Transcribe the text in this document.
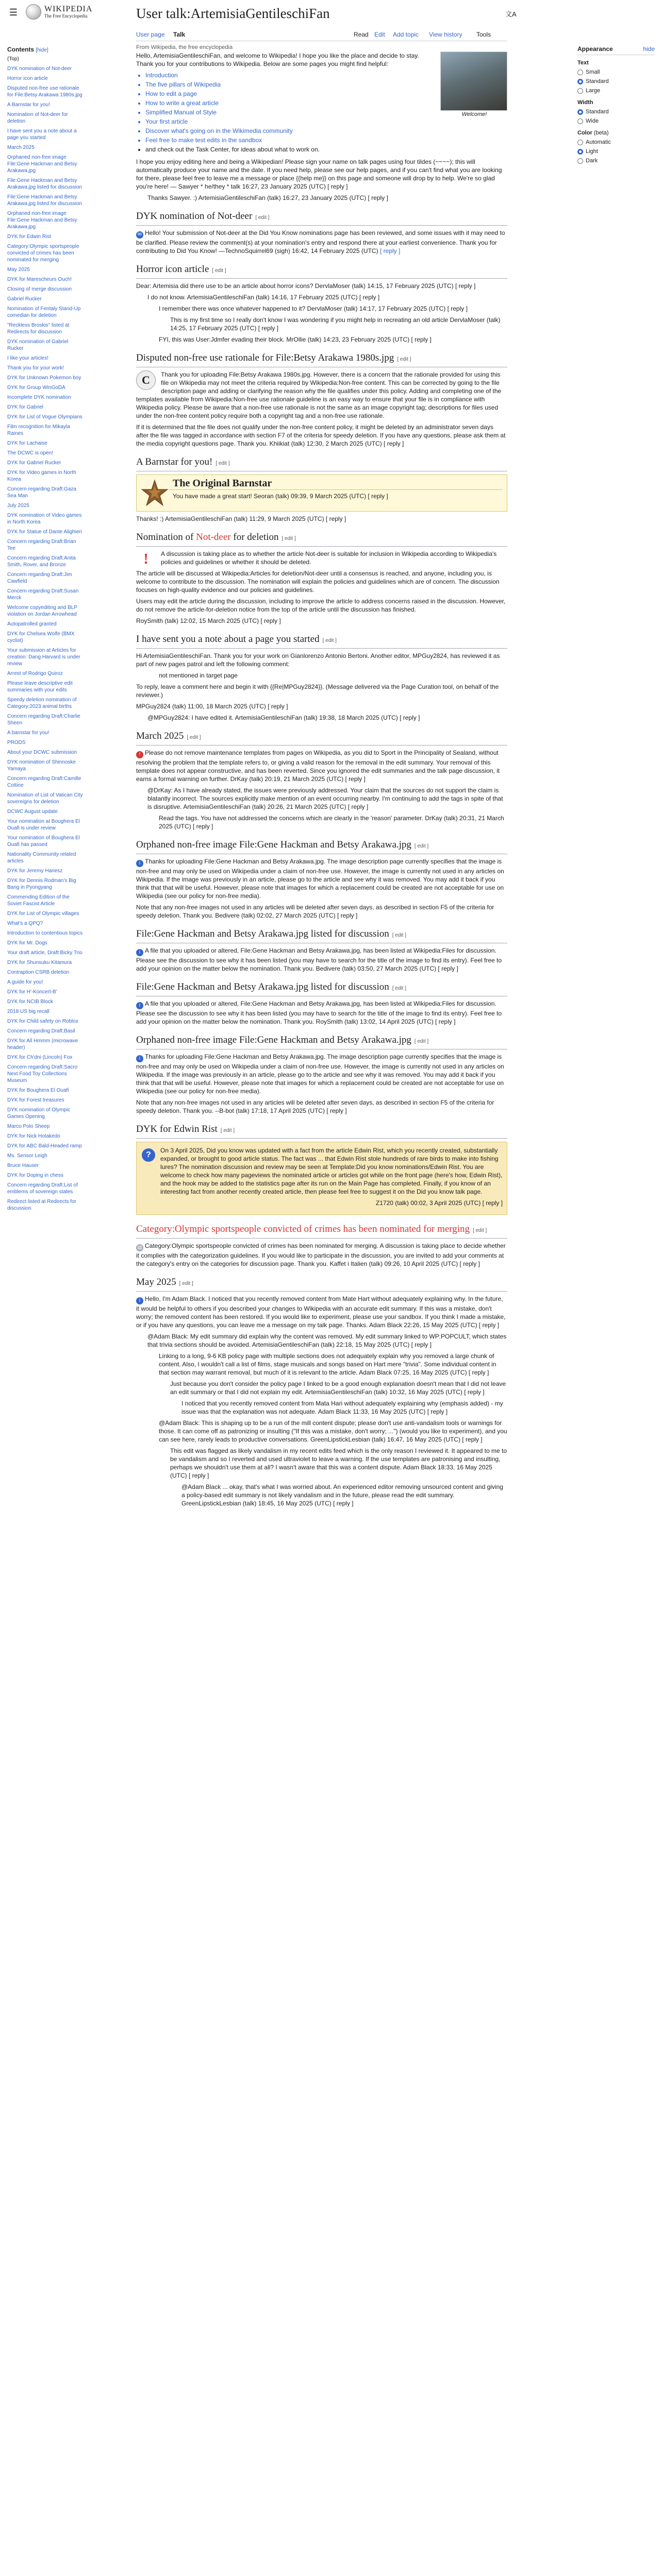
☰	WIKIPEDIA
The Free Encyclopedia	User talk:ArtemisiaGentileschiFan	文A
User page Talk	Read Edit Add topic View history Tools
From Wikipedia, the free encyclopedia
Contents [hide]
(Top)
DYK nomination of Not-deer
Horror icon article
Disputed non-free use rationale for File:Betsy Arakawa 1980s.jpg
A Barnstar for you!
Nomination of Not-deer for deletion
I have sent you a note about a page you started
March 2025
Orphaned non-free image File:Gene Hackman and Betsy Arakawa.jpg
File:Gene Hackman and Betsy Arakawa.jpg listed for discussion
File:Gene Hackman and Betsy Arakawa.jpg listed for discussion
Orphaned non-free image File:Gene Hackman and Betsy Arakawa.jpg
DYK for Edwin Rist
Category:Olympic sportspeople convicted of crimes has been nominated for merging
May 2025
DYK for Marescheurs Ouch!
Closing of merge discussion
Gabriel Rucker
Nomination of Fentaly Stand-Up comedian for deletion
"Reckless Broskis" listed at Redirects for discussion
DYK nomination of Gabriel Rucker
I like your articles!
Thank you for your work!
DYK for Unknown Pokemon boy
DYK for Group WinGoDA
Incomplete DYK nomination
DYK for Gabriel
DYK for List of Vogue Olympians
Film recognition for Mikayla Raines
DYK for Lachaise
The DCWC is open!
DYK for Gabriel Rucker
DYK for Video games in North Korea
Concern regarding Draft:Gaza Sea Man
July 2025
DYK nomination of Video games in North Korea
DYK for Statue of Dante Alighieri
Concern regarding Draft:Brian Tee
Concern regarding Draft:Anita Smith, Rover, and Bronze
Concern regarding Draft:Jim Cawfield
Concern regarding Draft:Susan Merck
Welcome copyediting and BLP violation on Jordan Arrowhead
Autopatrolled granted
DYK for Chelsea Wolfe (BMX cyclist)
Your submission at Articles for creation: Dang Harvard is under review
Arrest of Rodrigo Quiroz
Please leave descriptive edit summaries with your edits
Speedy deletion nomination of Category:2023 animal births
Concern regarding Draft:Charlie Sheen
A barnstar for you!
PRODS
About your DCWC submission
DYK nomination of Shinnoske Yamaya
Concern regarding Draft:Camille Cottine
Nomination of List of Vatican City sovereigns for deletion
DCWC August update
Your nomination at Boughera El Ouafi is under review
Your nomination of Boughera El Ouafi has passed
Nationality Community related articles
DYK for Jeremy Hanesz
DYK for Dennis Rodman's Big Bang in Pyongyang
Commending Edition of the Soviet Fascist Article
DYK for List of Olympic villages
What's a QPQ?
Introduction to contentious topics
DYK for Mr. Dogs
Your draft article, Draft:Bicky Trio
DYK for Shunsuku Kitamura
Contraption CSRB deletion
A guide for you!
DYK for H'-Koncert-B'
DYK for NCIB Block
2018 US big recall
DYK for Child safety on Roblox
Concern regarding Draft:Basil
DYK for All Hmmm (microwave header)
DYK for Ch'dni (Lincoln) Fox
Concern regarding Draft:Sacro Next Food Toy Collections Museum
DYK for Boughera El Ouafi
DYK for Forest treasures
DYK nomination of Olympic Games Opening
Marco Polo Sheep
DYK for Nick Hotakedo
DYK for ABC Bald-Headed ramp
Ms. Sensor Leigh
Bruce Hauser
DYK for Doping in chess
Concern regarding Draft:List of emblems of sovereign states
Redirect listed at Redirects for discussion
Appearance	hide
Text
Small
Standard
Large
Width
Standard
Wide
Color (beta)
Automatic
Light
Dark
Welcome!

Hello, ArtemisiaGentileschiFan, and welcome to Wikipedia! I hope you like the place and decide to stay. Thank you for your contributions to Wikipedia. Below are some pages you might find helpful:

• Introduction
• The five pillars of Wikipedia
• How to edit a page
• How to write a great article
• Simplified Manual of Style
• Your first article
• Discover what's going on in the Wikimedia community
• Feel free to make test edits in the sandbox
• and check out the Task Center, for ideas about what to work on.

I hope you enjoy editing here and being a Wikipedian! Please sign your name on talk pages using four tildes (~~~~); this will automatically produce your name and the date. If you need help, please see our help pages, and if you can't find what you are looking for there, please feel free to leave me a message or place {{help me}} on this page and someone will drop by to help. We're so glad you're here! — Sawyer * he/they * talk 16:27, 23 January 2025 (UTC) [ reply ]

Thanks Sawyer. :) ArtemisiaGentileschiFan (talk) 16:27, 23 January 2025 (UTC) [ reply ]

DYK nomination of Not-deer [ edit ]

✉ Hello! Your submission of Not-deer at the Did You Know nominations page has been reviewed, and some issues with it may need to be clarified. Please review the comment(s) at your nomination's entry and respond there at your earliest convenience. Thank you for contributing to Did You Know! —TechnoSquirrel69 (sigh) 16:42, 14 February 2025 (UTC) [ reply ]

Horror icon article [ edit ]

Dear: Artemisia did there use to be an article about horror icons? DervlaMoser (talk) 14:15, 17 February 2025 (UTC) [ reply ]

I do not know. ArtemisiaGentileschiFan (talk) 14:16, 17 February 2025 (UTC) [ reply ]

I remember there was once whatever happened to it? DervlaMoser (talk) 14:17, 17 February 2025 (UTC) [ reply ]

This is my first time so I really don't know I was wondering if you might help in recreating an old article DervlaMoser (talk) 14:25, 17 February 2025 (UTC) [ reply ]

FYI, this was User:Jdmfer evading their block. MrOllie (talk) 14:23, 23 February 2025 (UTC) [ reply ]

Disputed non-free use rationale for File:Betsy Arakawa 1980s.jpg [ edit ]
C	Thank you for uploading File:Betsy Arakawa 1980s.jpg. However, there is a concern that the rationale provided for using this file on Wikipedia may not meet the criteria required by Wikipedia:Non-free content. This can be corrected by going to the file description page and adding or clarifying the reason why the file qualifies under this policy. Adding and completing one of the templates available from Wikipedia:Non-free use rationale guideline is an easy way to ensure that your file is in compliance with Wikipedia policy. Please be aware that a non-free use rationale is not the same as an image copyright tag; descriptions for files used under the non-free content policy require both a copyright tag and a non-free use rationale.

If it is determined that the file does not qualify under the non-free content policy, it might be deleted by an administrator seven days after the file was tagged in accordance with section F7 of the criteria for speedy deletion. If you have any questions, please ask them at the media copyright questions page. Thank you. Khiikiat (talk) 12:30, 2 March 2025 (UTC) [ reply ]

A Barnstar for you! [ edit ]
The Original Barnstar
You have made a great start! Seoran (talk) 09:39, 9 March 2025 (UTC) [ reply ]

Thanks! :) ArtemisiaGentileschiFan (talk) 11:29, 9 March 2025 (UTC) [ reply ]

Nomination of Not-deer for deletion [ edit ]
!	A discussion is taking place as to whether the article Not-deer is suitable for inclusion in Wikipedia according to Wikipedia's policies and guidelines or whether it should be deleted.

The article will be discussed at Wikipedia:Articles for deletion/Not-deer until a consensus is reached, and anyone, including you, is welcome to contribute to the discussion. The nomination will explain the policies and guidelines which are of concern. The discussion focuses on high-quality evidence and our policies and guidelines.

Users may edit the article during the discussion, including to improve the article to address concerns raised in the discussion. However, do not remove the article-for-deletion notice from the top of the article until the discussion has finished.

RoySmith (talk) 12:02, 15 March 2025 (UTC) [ reply ]

I have sent you a note about a page you started [ edit ]

Hi ArtemisiaGentileschiFan. Thank you for your work on Gianlorenzo Antonio Bertoni. Another editor, MPGuy2824, has reviewed it as part of new pages patrol and left the following comment:

not mentioned in target page

To reply, leave a comment here and begin it with {{Re|MPGuy2824}}. (Message delivered via the Page Curation tool, on behalf of the reviewer.)

MPGuy2824 (talk) 11:00, 18 March 2025 (UTC) [ reply ]

@MPGuy2824: I have edited it. ArtemisiaGentileschiFan (talk) 19:38, 18 March 2025 (UTC) [ reply ]

March 2025 [ edit ]

! Please do not remove maintenance templates from pages on Wikipedia, as you did to Sport in the Principality of Sealand, without resolving the problem that the template refers to, or giving a valid reason for the removal in the edit summary. Your removal of this template does not appear constructive, and has been reverted. Since you ignored the edit summaries and the talk page discussion, it earns a formal warning on further. DrKay (talk) 20:19, 21 March 2025 (UTC) [ reply ]

@DrKay: As I have already stated, the issues were previously addressed. Your claim that the sources do not support the claim is blatantly incorrect. The sources explicitly make mention of an event occurring nearby. I'm continuing to add the tags in spite of that is disruptive. ArtemisiaGentileschiFan (talk) 20:26, 21 March 2025 (UTC) [ reply ]

Read the tags. You have not addressed the concerns which are clearly in the 'reason' parameter. DrKay (talk) 20:31, 21 March 2025 (UTC) [ reply ]

Orphaned non-free image File:Gene Hackman and Betsy Arakawa.jpg [ edit ]

i Thanks for uploading File:Gene Hackman and Betsy Arakawa.jpg. The image description page currently specifies that the image is non-free and may only be used on Wikipedia under a claim of non-free use. However, the image is currently not used in any articles on Wikipedia. If the image was previously in an article, please go to the article and see why it was removed. You may add it back if you think that that will be useful. However, please note that images for which a replacement could be created are not acceptable for use on Wikipedia (see our policy for non-free media).

Note that any non-free images not used in any articles will be deleted after seven days, as described in section F5 of the criteria for speedy deletion. Thank you. Bedivere (talk) 02:02, 27 March 2025 (UTC) [ reply ]

File:Gene Hackman and Betsy Arakawa.jpg listed for discussion [ edit ]

i A file that you uploaded or altered, File:Gene Hackman and Betsy Arakawa.jpg, has been listed at Wikipedia:Files for discussion. Please see the discussion to see why it has been listed (you may have to search for the title of the image to find its entry). Feel free to add your opinion on the matter below the nomination. Thank you. Bedivere (talk) 03:50, 27 March 2025 (UTC) [ reply ]

File:Gene Hackman and Betsy Arakawa.jpg listed for discussion [ edit ]

i A file that you uploaded or altered, File:Gene Hackman and Betsy Arakawa.jpg, has been listed at Wikipedia:Files for discussion. Please see the discussion to see why it has been listed (you may have to search for the title of the image to find its entry). Feel free to add your opinion on the matter below the nomination. Thank you. RoySmith (talk) 13:02, 14 April 2025 (UTC) [ reply ]

Orphaned non-free image File:Gene Hackman and Betsy Arakawa.jpg [ edit ]

i Thanks for uploading File:Gene Hackman and Betsy Arakawa.jpg. The image description page currently specifies that the image is non-free and may only be used on Wikipedia under a claim of non-free use. However, the image is currently not used in any articles on Wikipedia. If the image was previously in an article, please go to the article and see why it was removed. You may add it back if you think that that will be useful. However, please note that images for which a replacement could be created are not acceptable for use on Wikipedia (see our policy for non-free media).

Note that any non-free images not used in any articles will be deleted after seven days, as described in section F5 of the criteria for speedy deletion. Thank you. --B-bot (talk) 17:18, 17 April 2025 (UTC) [ reply ]

DYK for Edwin Rist [ edit ]
?	On 3 April 2025, Did you know was updated with a fact from the article Edwin Rist, which you recently created, substantially expanded, or brought to good article status. The fact was ... that Edwin Rist stole hundreds of rare birds to make into fishing lures? The nomination discussion and review may be seen at Template:Did you know nominations/Edwin Rist. You are welcome to check how many pageviews the nominated article or articles got while on the front page (here's how, Edwin Rist), and the hook may be added to the statistics page after its run on the Main Page has completed. Finally, if you know of an interesting fact from another recently created article, then please feel free to suggest it on the Did you know talk page.

Z1720 (talk) 00:02, 3 April 2025 (UTC) [ reply ]

Category:Olympic sportspeople convicted of crimes has been nominated for merging [ edit ]

▤ Category:Olympic sportspeople convicted of crimes has been nominated for merging. A discussion is taking place to decide whether it complies with the categorization guidelines. If you would like to participate in the discussion, you are invited to add your comments at the category's entry on the categories for discussion page. Thank you. Kaffet i Italien (talk) 09:26, 10 April 2025 (UTC) [ reply ]

May 2025 [ edit ]

i Hello, I'm Adam Black. I noticed that you recently removed content from Mate Hart without adequately explaining why. In the future, it would be helpful to others if you described your changes to Wikipedia with an accurate edit summary. If this was a mistake, don't worry; the removed content has been restored. If you would like to experiment, please use your sandbox. If you think I made a mistake, or if you have any questions, you can leave me a message on my talk page. Thanks. Adam Black 22:26, 15 May 2025 (UTC) [ reply ]

@Adam Black: My edit summary did explain why the content was removed. My edit summary linked to WP:POPCULT, which states that trivia sections should be avoided. ArtemisiaGentileschiFan (talk) 22:18, 15 May 2025 (UTC) [ reply ]

Linking to a long, 9-6 KB policy page with multiple sections does not adequately explain why you removed a large chunk of content. Also, I wouldn't call a list of films, stage musicals and songs based on Hart mere "trivia". Some individual content in that section may warrant removal, but much of it is relevant to the article. Adam Black 07:25, 16 May 2025 (UTC) [ reply ]

Just because you don't consider the policy page I linked to be a good enough explanation doesn't mean that I did not leave an edit summary or that I did not explain my edit. ArtemisiaGentileschiFan (talk) 10:32, 16 May 2025 (UTC) [ reply ]

I noticed that you recently removed content from Mata Hari without adequately explaining why (emphasis added) - my issue was that the explanation was not adequate. Adam Black 11:33, 16 May 2025 (UTC) [ reply ]

@Adam Black: This is shaping up to be a run of the mill content dispute; please don't use anti-vandalism tools or warnings for those. It can come off as patronizing or insulting ("If this was a mistake, don't worry; ...") (would you like to experiment), and you can see here, rarely leads to productive conversations. GreenLipstickLesbian (talk) 16:47, 16 May 2025 (UTC) [ reply ]

This edit was flagged as likely vandalism in my recent edits feed which is the only reason I reviewed it. It appeared to me to be vandalism and so I reverted and used ultraviolet to leave a warning. If the use templates are patronising and insulting, perhaps we shouldn't use them at all? I wasn't aware that this was a content dispute. Adam Black 18:33, 16 May 2025 (UTC) [ reply ]

@Adam Black ... okay, that's what I was worried about. An experienced editor removing unsourced content and giving a policy-based edit summary is not likely vandalism and in the future, please read the edit summary. GreenLipstickLesbian (talk) 18:45, 16 May 2025 (UTC) [ reply ]
